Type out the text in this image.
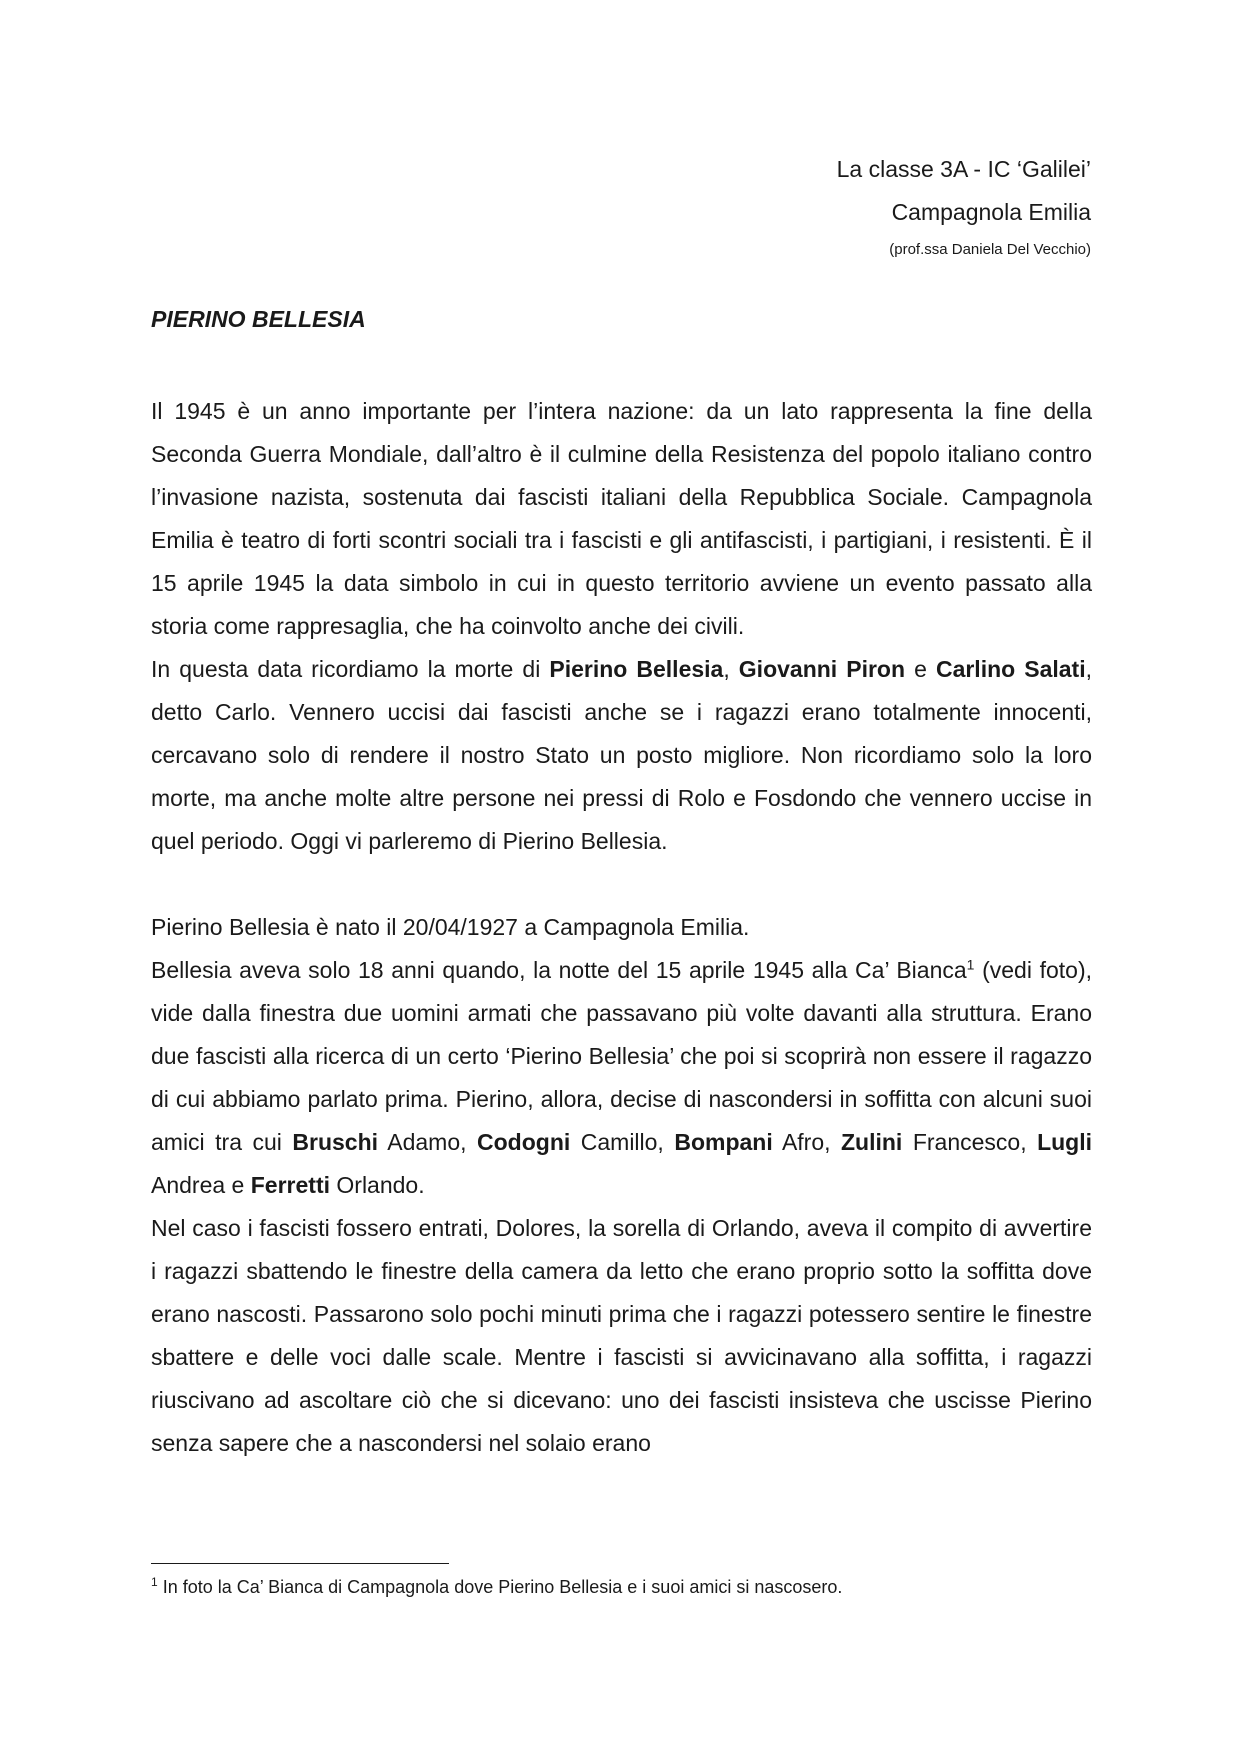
La classe 3A - IC ‘Galilei’
Campagnola Emilia
(prof.ssa Daniela Del Vecchio)
PIERINO BELLESIA

Il 1945 è un anno importante per l’intera nazione: da un lato rappresenta la fine della Seconda Guerra Mondiale, dall’altro è il culmine della Resistenza del popolo italiano contro l’invasione nazista, sostenuta dai fascisti italiani della Repubblica Sociale. Campagnola Emilia è teatro di forti scontri sociali tra i fascisti e gli antifascisti, i partigiani, i resistenti. È il 15 aprile 1945 la data simbolo in cui in questo territorio avviene un evento passato alla storia come rappresaglia, che ha coinvolto anche dei civili.

In questa data ricordiamo la morte di Pierino Bellesia, Giovanni Piron e Carlino Salati, detto Carlo. Vennero uccisi dai fascisti anche se i ragazzi erano totalmente innocenti, cercavano solo di rendere il nostro Stato un posto migliore. Non ricordiamo solo la loro morte, ma anche molte altre persone nei pressi di Rolo e Fosdondo che vennero uccise in quel periodo. Oggi vi parleremo di Pierino Bellesia.

Pierino Bellesia è nato il 20/04/1927 a Campagnola Emilia.

Bellesia aveva solo 18 anni quando, la notte del 15 aprile 1945 alla Ca’ Bianca$^1$ (vedi foto), vide dalla finestra due uomini armati che passavano più volte davanti alla struttura. Erano due fascisti alla ricerca di un certo ‘Pierino Bellesia’ che poi si scoprirà non essere il ragazzo di cui abbiamo parlato prima. Pierino, allora, decise di nascondersi in soffitta con alcuni suoi amici tra cui Bruschi Adamo, Codogni Camillo, Bompani Afro, Zulini Francesco, Lugli Andrea e Ferretti Orlando.

Nel caso i fascisti fossero entrati, Dolores, la sorella di Orlando, aveva il compito di avvertire i ragazzi sbattendo le finestre della camera da letto che erano proprio sotto la soffitta dove erano nascosti. Passarono solo pochi minuti prima che i ragazzi potessero sentire le finestre sbattere e delle voci dalle scale. Mentre i fascisti si avvicinavano alla soffitta, i ragazzi riuscivano ad ascoltare ciò che si dicevano: uno dei fascisti insisteva che uscisse Pierino senza sapere che a nascondersi nel solaio erano

$^1$ In foto la Ca’ Bianca di Campagnola dove Pierino Bellesia e i suoi amici si nascosero.
